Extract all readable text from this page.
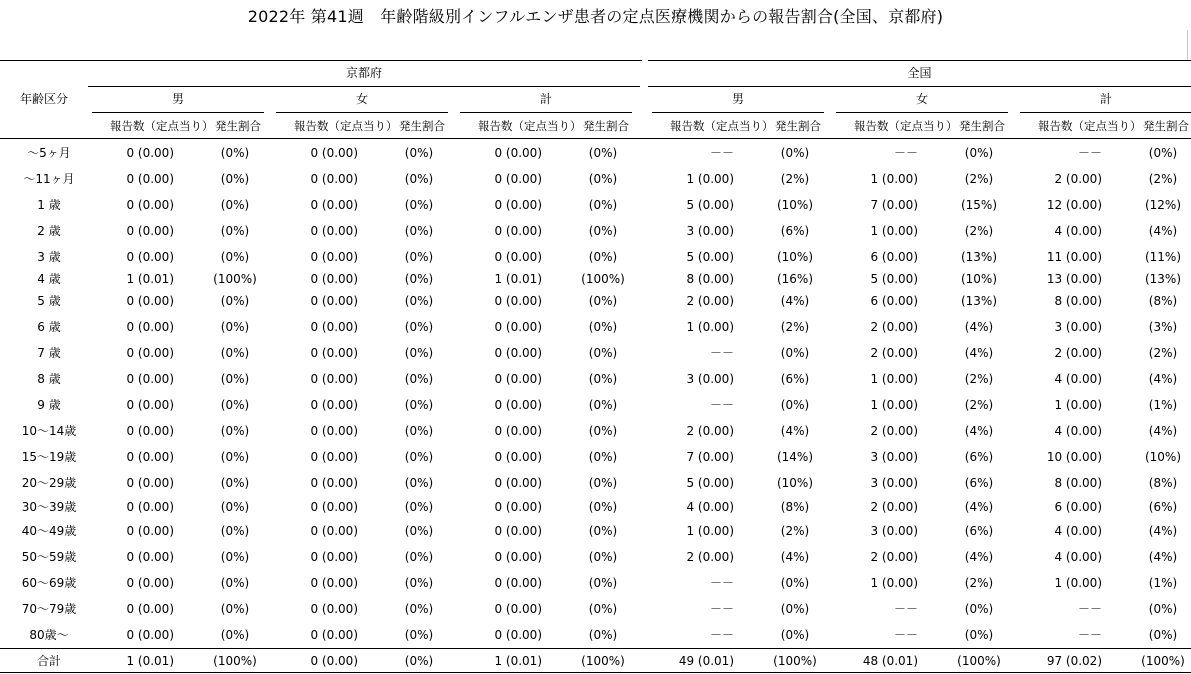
2022年 第41週　年齢階級別インフルエンザ患者の定点医療機関からの報告割合(全国、京都府)
年齢区分
京都府	全国
男
報告数（定点当り） 発生割合
女
報告数（定点当り） 発生割合
計
報告数（定点当り） 発生割合
男
報告数（定点当り） 発生割合
女
報告数（定点当り） 発生割合
計
報告数（定点当り） 発生割合
～5ヶ月	0 (0.00)	(0%)	0 (0.00)	(0%)	0 (0.00)	(0%)	－－	(0%)	－－	(0%)	－－	(0%)
～11ヶ月	0 (0.00)	(0%)	0 (0.00)	(0%)	0 (0.00)	(0%)	1 (0.00)	(2%)	1 (0.00)	(2%)	2 (0.00)	(2%)
1 歳	0 (0.00)	(0%)	0 (0.00)	(0%)	0 (0.00)	(0%)	5 (0.00)	(10%)	7 (0.00)	(15%)	12 (0.00)	(12%)
2 歳	0 (0.00)	(0%)	0 (0.00)	(0%)	0 (0.00)	(0%)	3 (0.00)	(6%)	1 (0.00)	(2%)	4 (0.00)	(4%)
3 歳	0 (0.00)	(0%)	0 (0.00)	(0%)	0 (0.00)	(0%)	5 (0.00)	(10%)	6 (0.00)	(13%)	11 (0.00)	(11%)
4 歳	1 (0.01)	(100%)	0 (0.00)	(0%)	1 (0.01)	(100%)	8 (0.00)	(16%)	5 (0.00)	(10%)	13 (0.00)	(13%)
5 歳	0 (0.00)	(0%)	0 (0.00)	(0%)	0 (0.00)	(0%)	2 (0.00)	(4%)	6 (0.00)	(13%)	8 (0.00)	(8%)
6 歳	0 (0.00)	(0%)	0 (0.00)	(0%)	0 (0.00)	(0%)	1 (0.00)	(2%)	2 (0.00)	(4%)	3 (0.00)	(3%)
7 歳	0 (0.00)	(0%)	0 (0.00)	(0%)	0 (0.00)	(0%)	－－	(0%)	2 (0.00)	(4%)	2 (0.00)	(2%)
8 歳	0 (0.00)	(0%)	0 (0.00)	(0%)	0 (0.00)	(0%)	3 (0.00)	(6%)	1 (0.00)	(2%)	4 (0.00)	(4%)
9 歳	0 (0.00)	(0%)	0 (0.00)	(0%)	0 (0.00)	(0%)	－－	(0%)	1 (0.00)	(2%)	1 (0.00)	(1%)
10～14歳	0 (0.00)	(0%)	0 (0.00)	(0%)	0 (0.00)	(0%)	2 (0.00)	(4%)	2 (0.00)	(4%)	4 (0.00)	(4%)
15～19歳	0 (0.00)	(0%)	0 (0.00)	(0%)	0 (0.00)	(0%)	7 (0.00)	(14%)	3 (0.00)	(6%)	10 (0.00)	(10%)
20～29歳	0 (0.00)	(0%)	0 (0.00)	(0%)	0 (0.00)	(0%)	5 (0.00)	(10%)	3 (0.00)	(6%)	8 (0.00)	(8%)
30～39歳	0 (0.00)	(0%)	0 (0.00)	(0%)	0 (0.00)	(0%)	4 (0.00)	(8%)	2 (0.00)	(4%)	6 (0.00)	(6%)
40～49歳	0 (0.00)	(0%)	0 (0.00)	(0%)	0 (0.00)	(0%)	1 (0.00)	(2%)	3 (0.00)	(6%)	4 (0.00)	(4%)
50～59歳	0 (0.00)	(0%)	0 (0.00)	(0%)	0 (0.00)	(0%)	2 (0.00)	(4%)	2 (0.00)	(4%)	4 (0.00)	(4%)
60～69歳	0 (0.00)	(0%)	0 (0.00)	(0%)	0 (0.00)	(0%)	－－	(0%)	1 (0.00)	(2%)	1 (0.00)	(1%)
70～79歳	0 (0.00)	(0%)	0 (0.00)	(0%)	0 (0.00)	(0%)	－－	(0%)	－－	(0%)	－－	(0%)
80歳～	0 (0.00)	(0%)	0 (0.00)	(0%)	0 (0.00)	(0%)	－－	(0%)	－－	(0%)	－－	(0%)
合計	1 (0.01)	(100%)	0 (0.00)	(0%)	1 (0.01)	(100%)	49 (0.01)	(100%)	48 (0.01)	(100%)	97 (0.02)	(100%)
